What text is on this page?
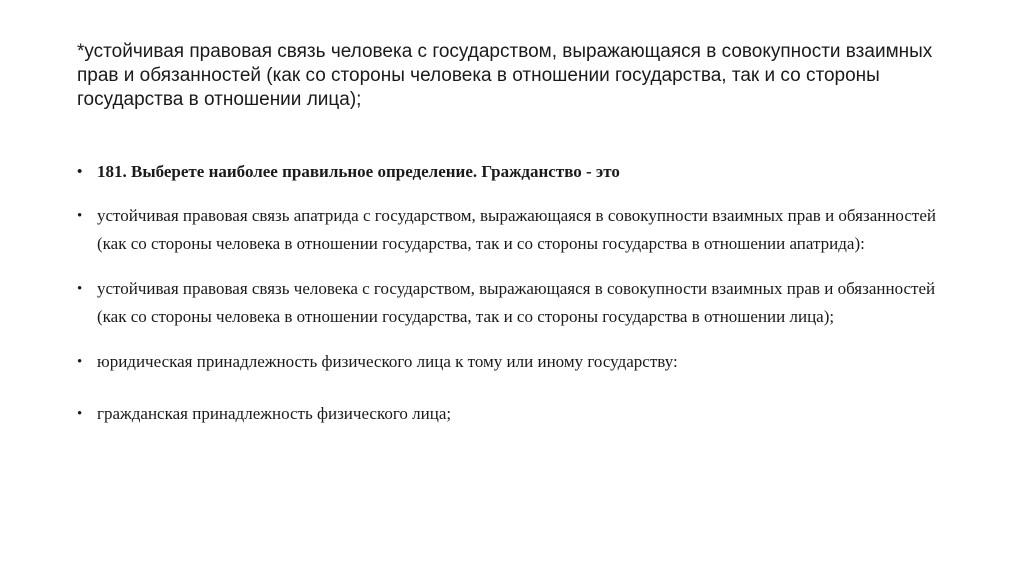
*устойчивая правовая связь человека с государством, выражающаяся в совокупности взаимных прав и обязанностей (как со стороны человека в отношении государства, так и со стороны государства в отношении лица);
• 181. Выберете наиболее правильное определение. Гражданство - это
• устойчивая правовая связь апатрида с государством, выражающаяся в совокупности взаимных прав и обязанностей (как со стороны человека в отношении государства, так и со стороны государства в отношении апатрида):
• устойчивая правовая связь человека с государством, выражающаяся в совокупности взаимных прав и обязанностей (как со стороны человека в отношении государства, так и со стороны государства в отношении лица);
• юридическая принадлежность физического лица к тому или иному государству:
• гражданская принадлежность физического лица;
